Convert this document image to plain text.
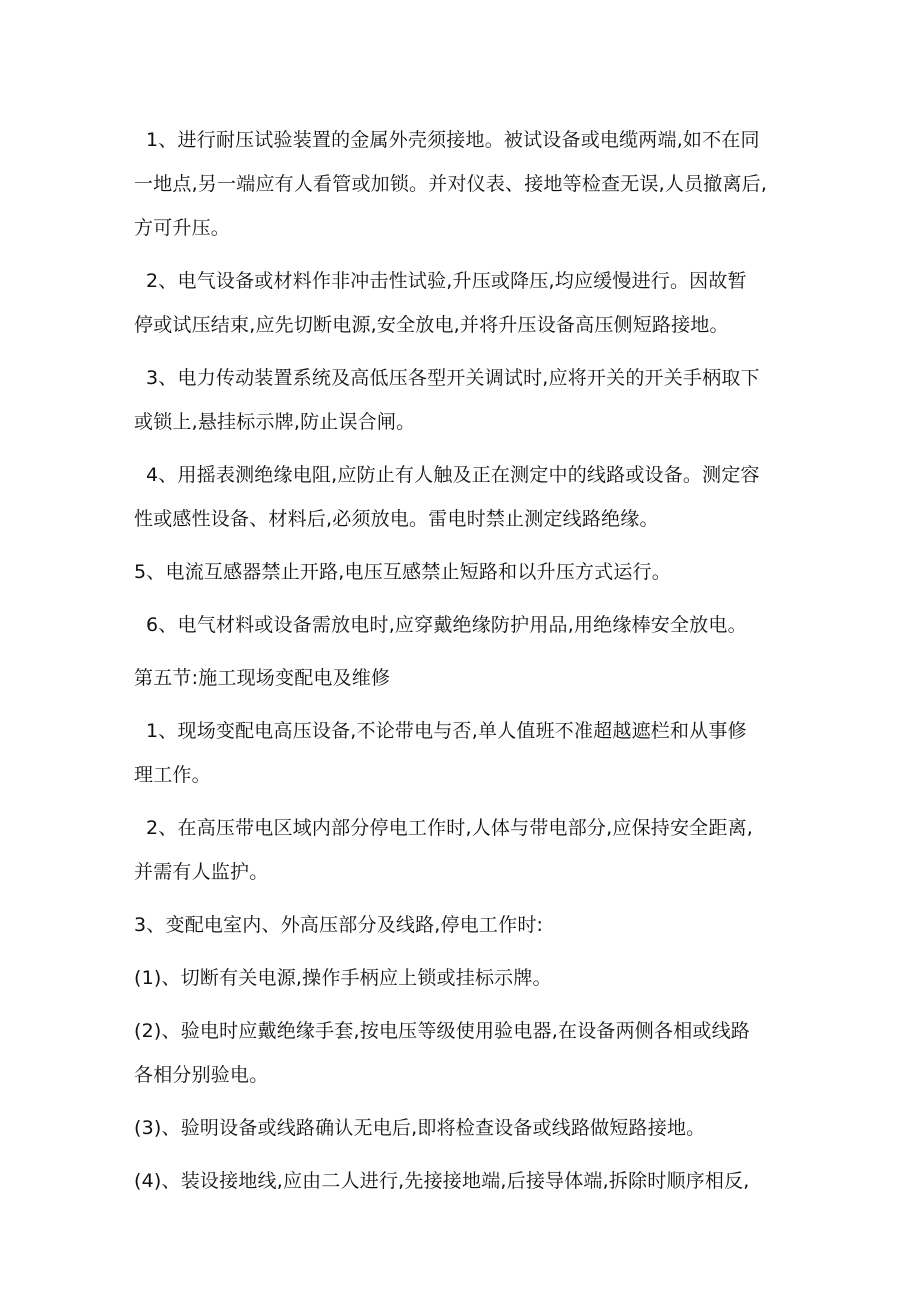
1、进行耐压试验装置的金属外壳须接地。被试设备或电缆两端,如不在同

一地点,另一端应有人看管或加锁。并对仪表、接地等检查无误,人员撤离后,

方可升压。

2、电气设备或材料作非冲击性试验,升压或降压,均应缓慢进行。因故暂

停或试压结束,应先切断电源,安全放电,并将升压设备高压侧短路接地。

3、电力传动装置系统及高低压各型开关调试时,应将开关的开关手柄取下

或锁上,悬挂标示牌,防止误合闸。

4、用摇表测绝缘电阻,应防止有人触及正在测定中的线路或设备。测定容

性或感性设备、材料后,必须放电。雷电时禁止测定线路绝缘。

5、电流互感器禁止开路,电压互感禁止短路和以升压方式运行。

6、电气材料或设备需放电时,应穿戴绝缘防护用品,用绝缘棒安全放电。

第五节:施工现场变配电及维修

1、现场变配电高压设备,不论带电与否,单人值班不准超越遮栏和从事修

理工作。

2、在高压带电区域内部分停电工作时,人体与带电部分,应保持安全距离,

并需有人监护。

3、变配电室内、外高压部分及线路,停电工作时:

(1)、切断有关电源,操作手柄应上锁或挂标示牌。

(2)、验电时应戴绝缘手套,按电压等级使用验电器,在设备两侧各相或线路

各相分别验电。

(3)、验明设备或线路确认无电后,即将检查设备或线路做短路接地。

(4)、装设接地线,应由二人进行,先接接地端,后接导体端,拆除时顺序相反,
